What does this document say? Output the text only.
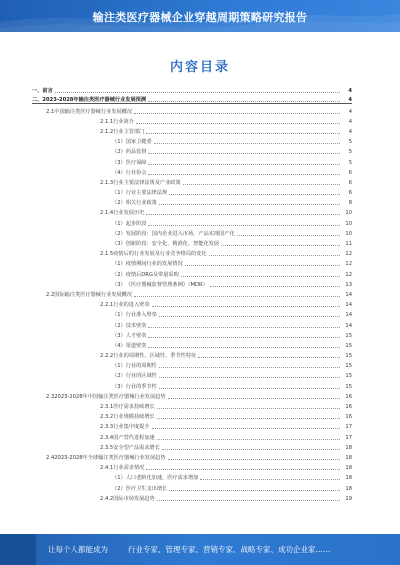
输注类医疗器械企业穿越周期策略研究报告
内容目录
一、 前言	4
二、 2023-2028年输注类医疗器械行业发展预测	4
2.1 中国输注类医疗器械行业发展概况	4
2.1.1 行业简介	4
2.1.2 行业主管部门	4
（1） 国家卫健委	5
（2） 药品监督	5
（3） 医疗保障	5
（4） 行业协会	6
2.1.3 行业主要法律法规及产业政策	6
（1） 行业主要法律法规	6
（2） 相关行业政策	8
2.1.4 行业发展历史	10
（1） 起步阶段	10
（2） 发展阶段：国内企业进入市场，产品实现国产化	10
（3） 创新阶段：安全化、精准化、智能化发展	11
2.1.5 疫情后的行业发展及行业竞争格局的变化	12
（1） 疫情期间行业的发展情况	12
（2） 疫情后DRG及带量采购	12
（3） 《医疗器械监督管理条例》（MDR）	13
2.2 国际输注类医疗器械行业发展概况	14
2.2.1 行业的进入壁垒	14
（1） 行业准入壁垒	14
（2） 技术壁垒	14
（3） 人才壁垒	15
（4） 渠道壁垒	15
2.2.2 行业的周期性、区域性、季节性特征	15
（1） 行业的周期性	15
（2） 行业的区域性	15
（3） 行业的季节性	15
2.3 2023-2028年中国输注类医疗器械行业发展趋势	16
2.3.1 医疗需求持续增长	16
2.3.2 行业规模持续增长	16
2.3.3 行业集中度提升	17
2.3.4 国产替代进程加速	17
2.3.5 安全型产品需求增长	18
2.4 2023-2028年全球输注类医疗器械行业发展趋势	18
2.4.1 行业需求情况	18
（1） 人口老龄化加速，医疗需求增加	18
（2） 医疗卫生支出增长	18
2.4.2 国际市场发展趋势	19
让每个人都能成为	行业专家、管理专家、营销专家、战略专家、成功企业家……
